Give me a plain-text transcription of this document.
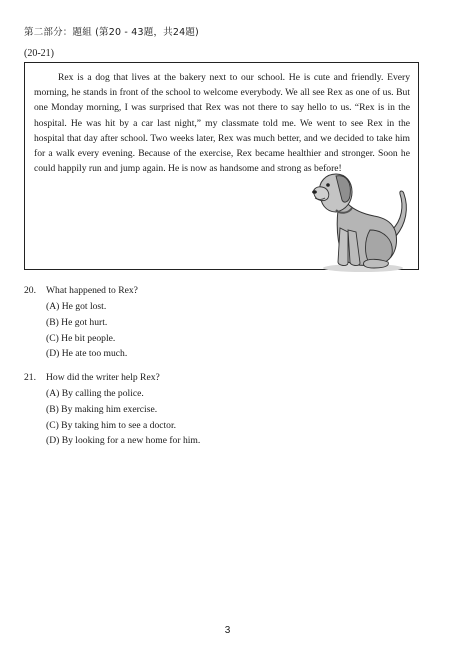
第二部分：題組 (第20 - 43題，共24題)
(20-21)

Rex is a dog that lives at the bakery next to our school. He is cute and friendly. Every morning, he stands in front of the school to welcome everybody. We all see Rex as one of us. But one Monday morning, I was surprised that Rex was not there to say hello to us. “Rex is in the hospital. He was hit by a car last night,” my classmate told me. We went to see Rex in the hospital that day after school. Two weeks later, Rex was much better, and we decided to take him for a walk every evening. Because of the exercise, Rex became healthier and stronger. Soon he could happily run and jump again. He is now as handsome and strong as before!

20. What happened to Rex?
(A) He got lost.
(B) He got hurt.
(C) He bit people.
(D) He ate too much.
21. How did the writer help Rex?
(A) By calling the police.
(B) By making him exercise.
(C) By taking him to see a doctor.
(D) By looking for a new home for him.
3
